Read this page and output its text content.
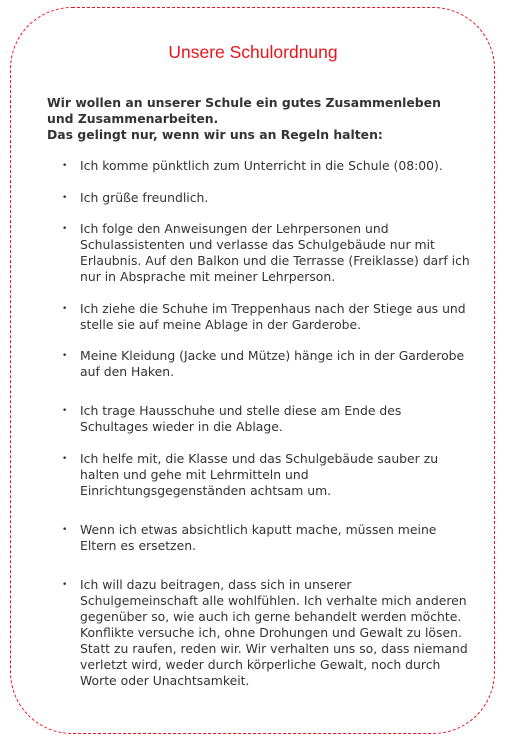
Unsere Schulordnung
Wir wollen an unserer Schule ein gutes Zusammenleben und Zusammenarbeiten.
Das gelingt nur, wenn wir uns an Regeln halten:
•	Ich komme pünktlich zum Unterricht in die Schule (08:00).
•	Ich grüße freundlich.
•	Ich folge den Anweisungen der Lehrpersonen und Schulassistenten und verlasse das Schulgebäude nur mit Erlaubnis. Auf den Balkon und die Terrasse (Freiklasse) darf ich nur in Absprache mit meiner Lehrperson.
•	Ich ziehe die Schuhe im Treppenhaus nach der Stiege aus und stelle sie auf meine Ablage in der Garderobe.
•	Meine Kleidung (Jacke und Mütze) hänge ich in der Garderobe auf den Haken.
•	Ich trage Hausschuhe und stelle diese am Ende des Schultages wieder in die Ablage.
•	Ich helfe mit, die Klasse und das Schulgebäude sauber zu halten und gehe mit Lehrmitteln und Einrichtungsgegenständen achtsam um.
•	Wenn ich etwas absichtlich kaputt mache, müssen meine Eltern es ersetzen.
•	Ich will dazu beitragen, dass sich in unserer Schulgemeinschaft alle wohlfühlen. Ich verhalte mich anderen gegenüber so, wie auch ich gerne behandelt werden möchte. Konflikte versuche ich, ohne Drohungen und Gewalt zu lösen. Statt zu raufen, reden wir. Wir verhalten uns so, dass niemand verletzt wird, weder durch körperliche Gewalt, noch durch Worte oder Unachtsamkeit.
